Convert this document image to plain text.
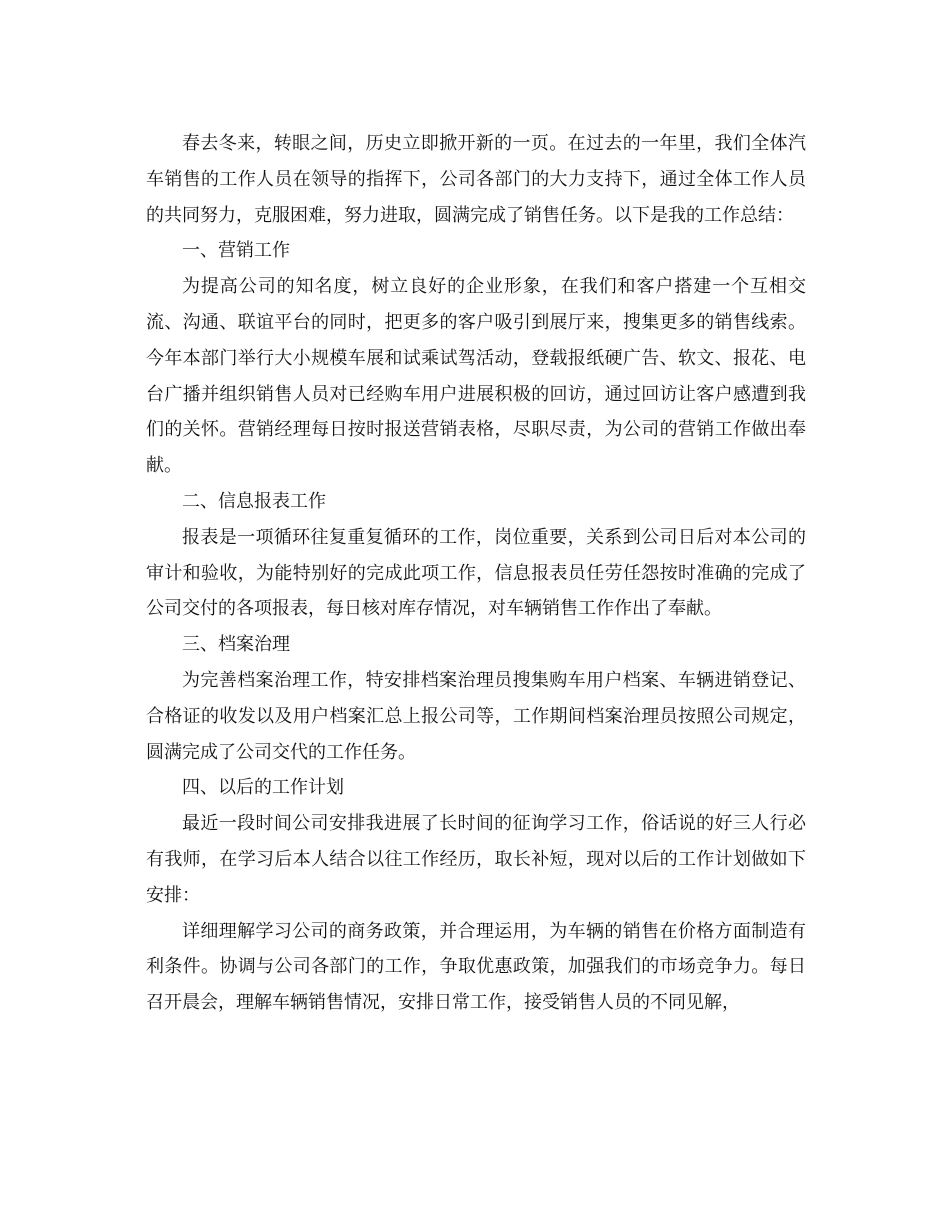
春去冬来，转眼之间，历史立即掀开新的一页。在过去的一年里，我们全体汽车销售的工作人员在领导的指挥下，公司各部门的大力支持下，通过全体工作人员的共同努力，克服困难，努力进取，圆满完成了销售任务。以下是我的工作总结：

一、营销工作

为提高公司的知名度，树立良好的企业形象，在我们和客户搭建一个互相交流、沟通、联谊平台的同时，把更多的客户吸引到展厅来，搜集更多的销售线索。今年本部门举行大小规模车展和试乘试驾活动，登载报纸硬广告、软文、报花、电台广播并组织销售人员对已经购车用户进展积极的回访，通过回访让客户感遭到我们的关怀。营销经理每日按时报送营销表格，尽职尽责，为公司的营销工作做出奉献。

二、信息报表工作

报表是一项循环往复重复循环的工作，岗位重要，关系到公司日后对本公司的审计和验收，为能特别好的完成此项工作，信息报表员任劳任怨按时准确的完成了公司交付的各项报表，每日核对库存情况，对车辆销售工作作出了奉献。

三、档案治理

为完善档案治理工作，特安排档案治理员搜集购车用户档案、车辆进销登记、合格证的收发以及用户档案汇总上报公司等，工作期间档案治理员按照公司规定，圆满完成了公司交代的工作任务。

四、以后的工作计划

最近一段时间公司安排我进展了长时间的征询学习工作，俗话说的好三人行必有我师，在学习后本人结合以往工作经历，取长补短，现对以后的工作计划做如下安排：

详细理解学习公司的商务政策，并合理运用，为车辆的销售在价格方面制造有利条件。协调与公司各部门的工作，争取优惠政策，加强我们的市场竞争力。每日召开晨会，理解车辆销售情况，安排日常工作，接受销售人员的不同见解，
